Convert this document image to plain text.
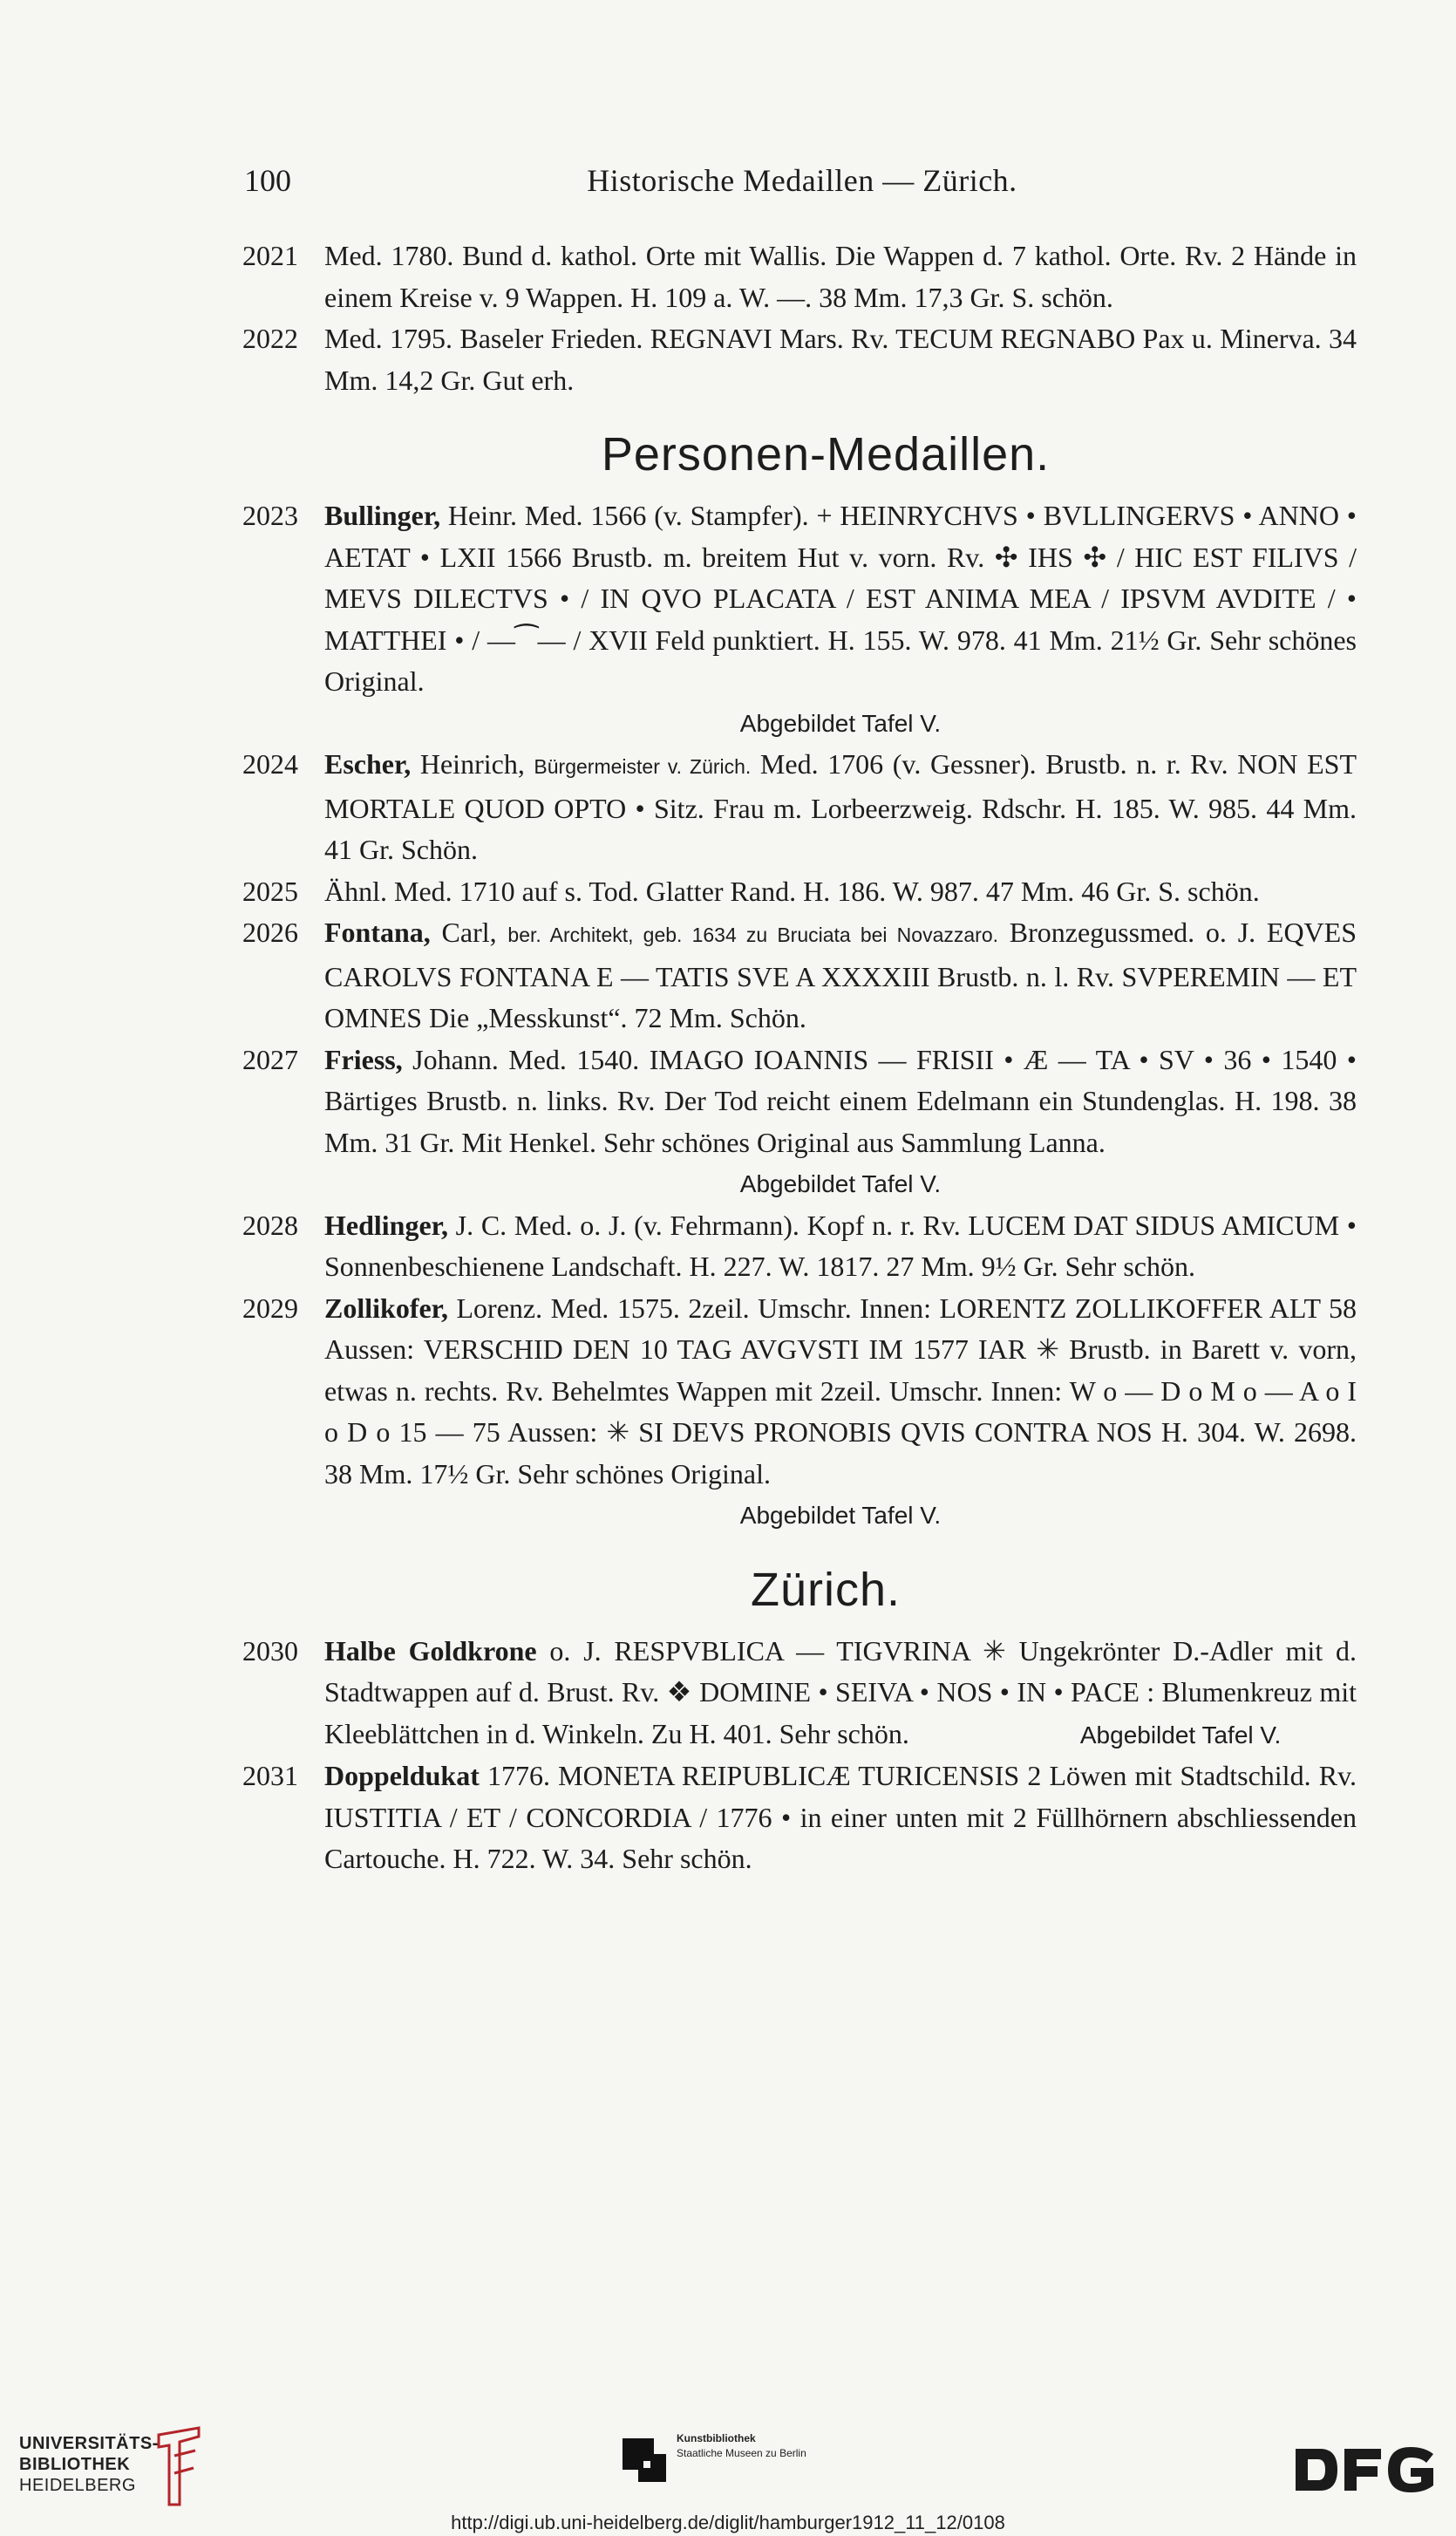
100	Historische Medaillen — Zürich.

2021 Med. 1780. Bund d. kathol. Orte mit Wallis. Die Wappen d. 7 kathol. Orte. Rv. 2 Hände in einem Kreise v. 9 Wappen. H. 109 a. W. —. 38 Mm. 17,3 Gr. S. schön.

2022 Med. 1795. Baseler Frieden. REGNAVI Mars. Rv. TECUM REGNABO Pax u. Minerva. 34 Mm. 14,2 Gr. Gut erh.

Personen-Medaillen.

2023 Bullinger, Heinr. Med. 1566 (v. Stampfer). + HEINRYCHVS • BVLLINGERVS • ANNO • AETAT • LXII 1566 Brustb. m. breitem Hut v. vorn. Rv. ✣ IHS ✣ / HIC EST FILIVS / MEVS DILECTVS • / IN QVO PLACATA / EST ANIMA MEA / IPSVM AVDITE / • MATTHEI • / —⁀— / XVII Feld punktiert. H. 155. W. 978. 41 Mm. 21½ Gr. Sehr schönes Original.

Abgebildet Tafel V.

2024 Escher, Heinrich, Bürgermeister v. Zürich. Med. 1706 (v. Gessner). Brustb. n. r. Rv. NON EST MORTALE QUOD OPTO • Sitz. Frau m. Lorbeerzweig. Rdschr. H. 185. W. 985. 44 Mm. 41 Gr. Schön.

2025 Ähnl. Med. 1710 auf s. Tod. Glatter Rand. H. 186. W. 987. 47 Mm. 46 Gr. S. schön.

2026 Fontana, Carl, ber. Architekt, geb. 1634 zu Bruciata bei Novazzaro. Bronzegussmed. o. J. EQVES CAROLVS FONTANA E — TATIS SVE A XXXXIII Brustb. n. l. Rv. SVPEREMIN — ET OMNES Die „Messkunst“. 72 Mm. Schön.

2027 Friess, Johann. Med. 1540. IMAGO IOANNIS — FRISII • Æ — TA • SV • 36 • 1540 • Bärtiges Brustb. n. links. Rv. Der Tod reicht einem Edelmann ein Stundenglas. H. 198. 38 Mm. 31 Gr. Mit Henkel. Sehr schönes Original aus Sammlung Lanna.

Abgebildet Tafel V.

2028 Hedlinger, J. C. Med. o. J. (v. Fehrmann). Kopf n. r. Rv. LUCEM DAT SIDUS AMICUM • Sonnenbeschienene Landschaft. H. 227. W. 1817. 27 Mm. 9½ Gr. Sehr schön.

2029 Zollikofer, Lorenz. Med. 1575. 2zeil. Umschr. Innen: LORENTZ ZOLLIKOFFER ALT 58 Aussen: VERSCHID DEN 10 TAG AVGVSTI IM 1577 IAR ✳ Brustb. in Barett v. vorn, etwas n. rechts. Rv. Behelmtes Wappen mit 2zeil. Umschr. Innen: W o — D o M o — A o I o D o 15 — 75 Aussen: ✳ SI DEVS PRONOBIS QVIS CONTRA NOS H. 304. W. 2698. 38 Mm. 17½ Gr. Sehr schönes Original.

Abgebildet Tafel V.
Zürich.

2030 Halbe Goldkrone o. J. RESPVBLICA — TIGVRINA ✳ Ungekrönter D.-Adler mit d. Stadtwappen auf d. Brust. Rv. ❖ DOMINE • SEIVA • NOS • IN • PACE : Blumenkreuz mit Kleeblättchen in d. Winkeln. Zu H. 401. Sehr schön.	Abgebildet Tafel V.

2031 Doppeldukat 1776. MONETA REIPUBLICÆ TURICENSIS 2 Löwen mit Stadtschild. Rv. IUSTITIA / ET / CONCORDIA / 1776 • in einer unten mit 2 Füllhörnern abschliessenden Cartouche. H. 722. W. 34. Sehr schön.

UNIVERSITÄTS-
BIBLIOTHEK
HEIDELBERG
Kunstbibliothek
Staatliche Museen zu Berlin
http://digi.ub.uni-heidelberg.de/diglit/hamburger1912_11_12/0108
